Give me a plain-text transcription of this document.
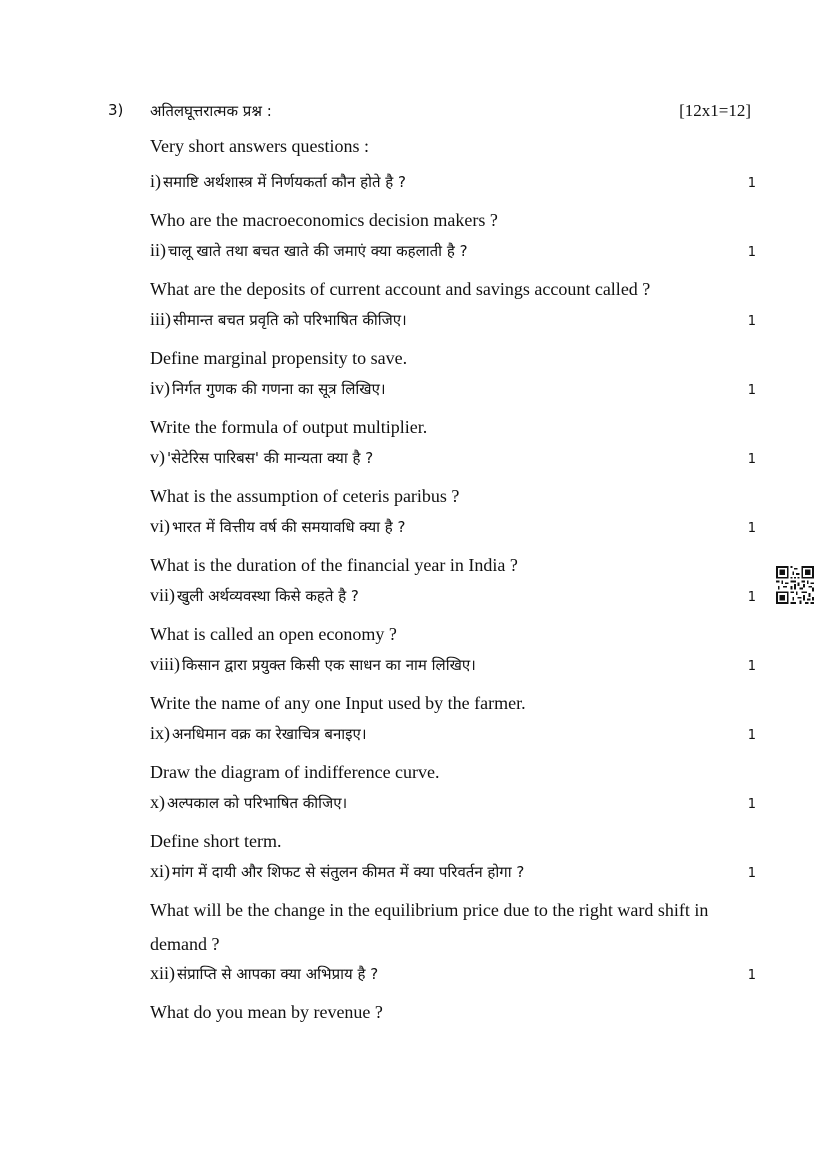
3) अतिलघूत्तरात्मक प्रश्न :	[12x1=12]
Very short answers questions :
i) समाष्टि अर्थशास्त्र में निर्णयकर्ता कौन होते है ?	1
Who are the macroeconomics decision makers ?
ii) चालू खाते तथा बचत खाते की जमाएं क्या कहलाती है ?	1
What are the deposits of current account and savings account called ?
iii) सीमान्त बचत प्रवृति को परिभाषित कीजिए।	1
Define marginal propensity to save.
iv) निर्गत गुणक की गणना का सूत्र लिखिए।	1
Write the formula of output multiplier.
v) 'सेटेरिस पारिबस' की मान्यता क्या है ?	1
What is the assumption of ceteris paribus ?
vi) भारत में वित्तीय वर्ष की समयावधि क्या है ?	1
What is the duration of the financial year in India ?
vii) खुली अर्थव्यवस्था किसे कहते है ?	1
What is called an open economy ?
viii) किसान द्वारा प्रयुक्त किसी एक साधन का नाम लिखिए।	1
Write the name of any one Input used by the farmer.
ix) अनधिमान वक्र का रेखाचित्र बनाइए।	1
Draw the diagram of indifference curve.
x) अल्पकाल को परिभाषित कीजिए।	1
Define short term.
xi) मांग में दायी और शिफट से संतुलन कीमत में क्या परिवर्तन होगा ?	1
What will be the change in the equilibrium price due to the right ward shift in demand ?
xii) संप्राप्ति से आपका क्या अभिप्राय है ?	1
What do you mean by revenue ?
